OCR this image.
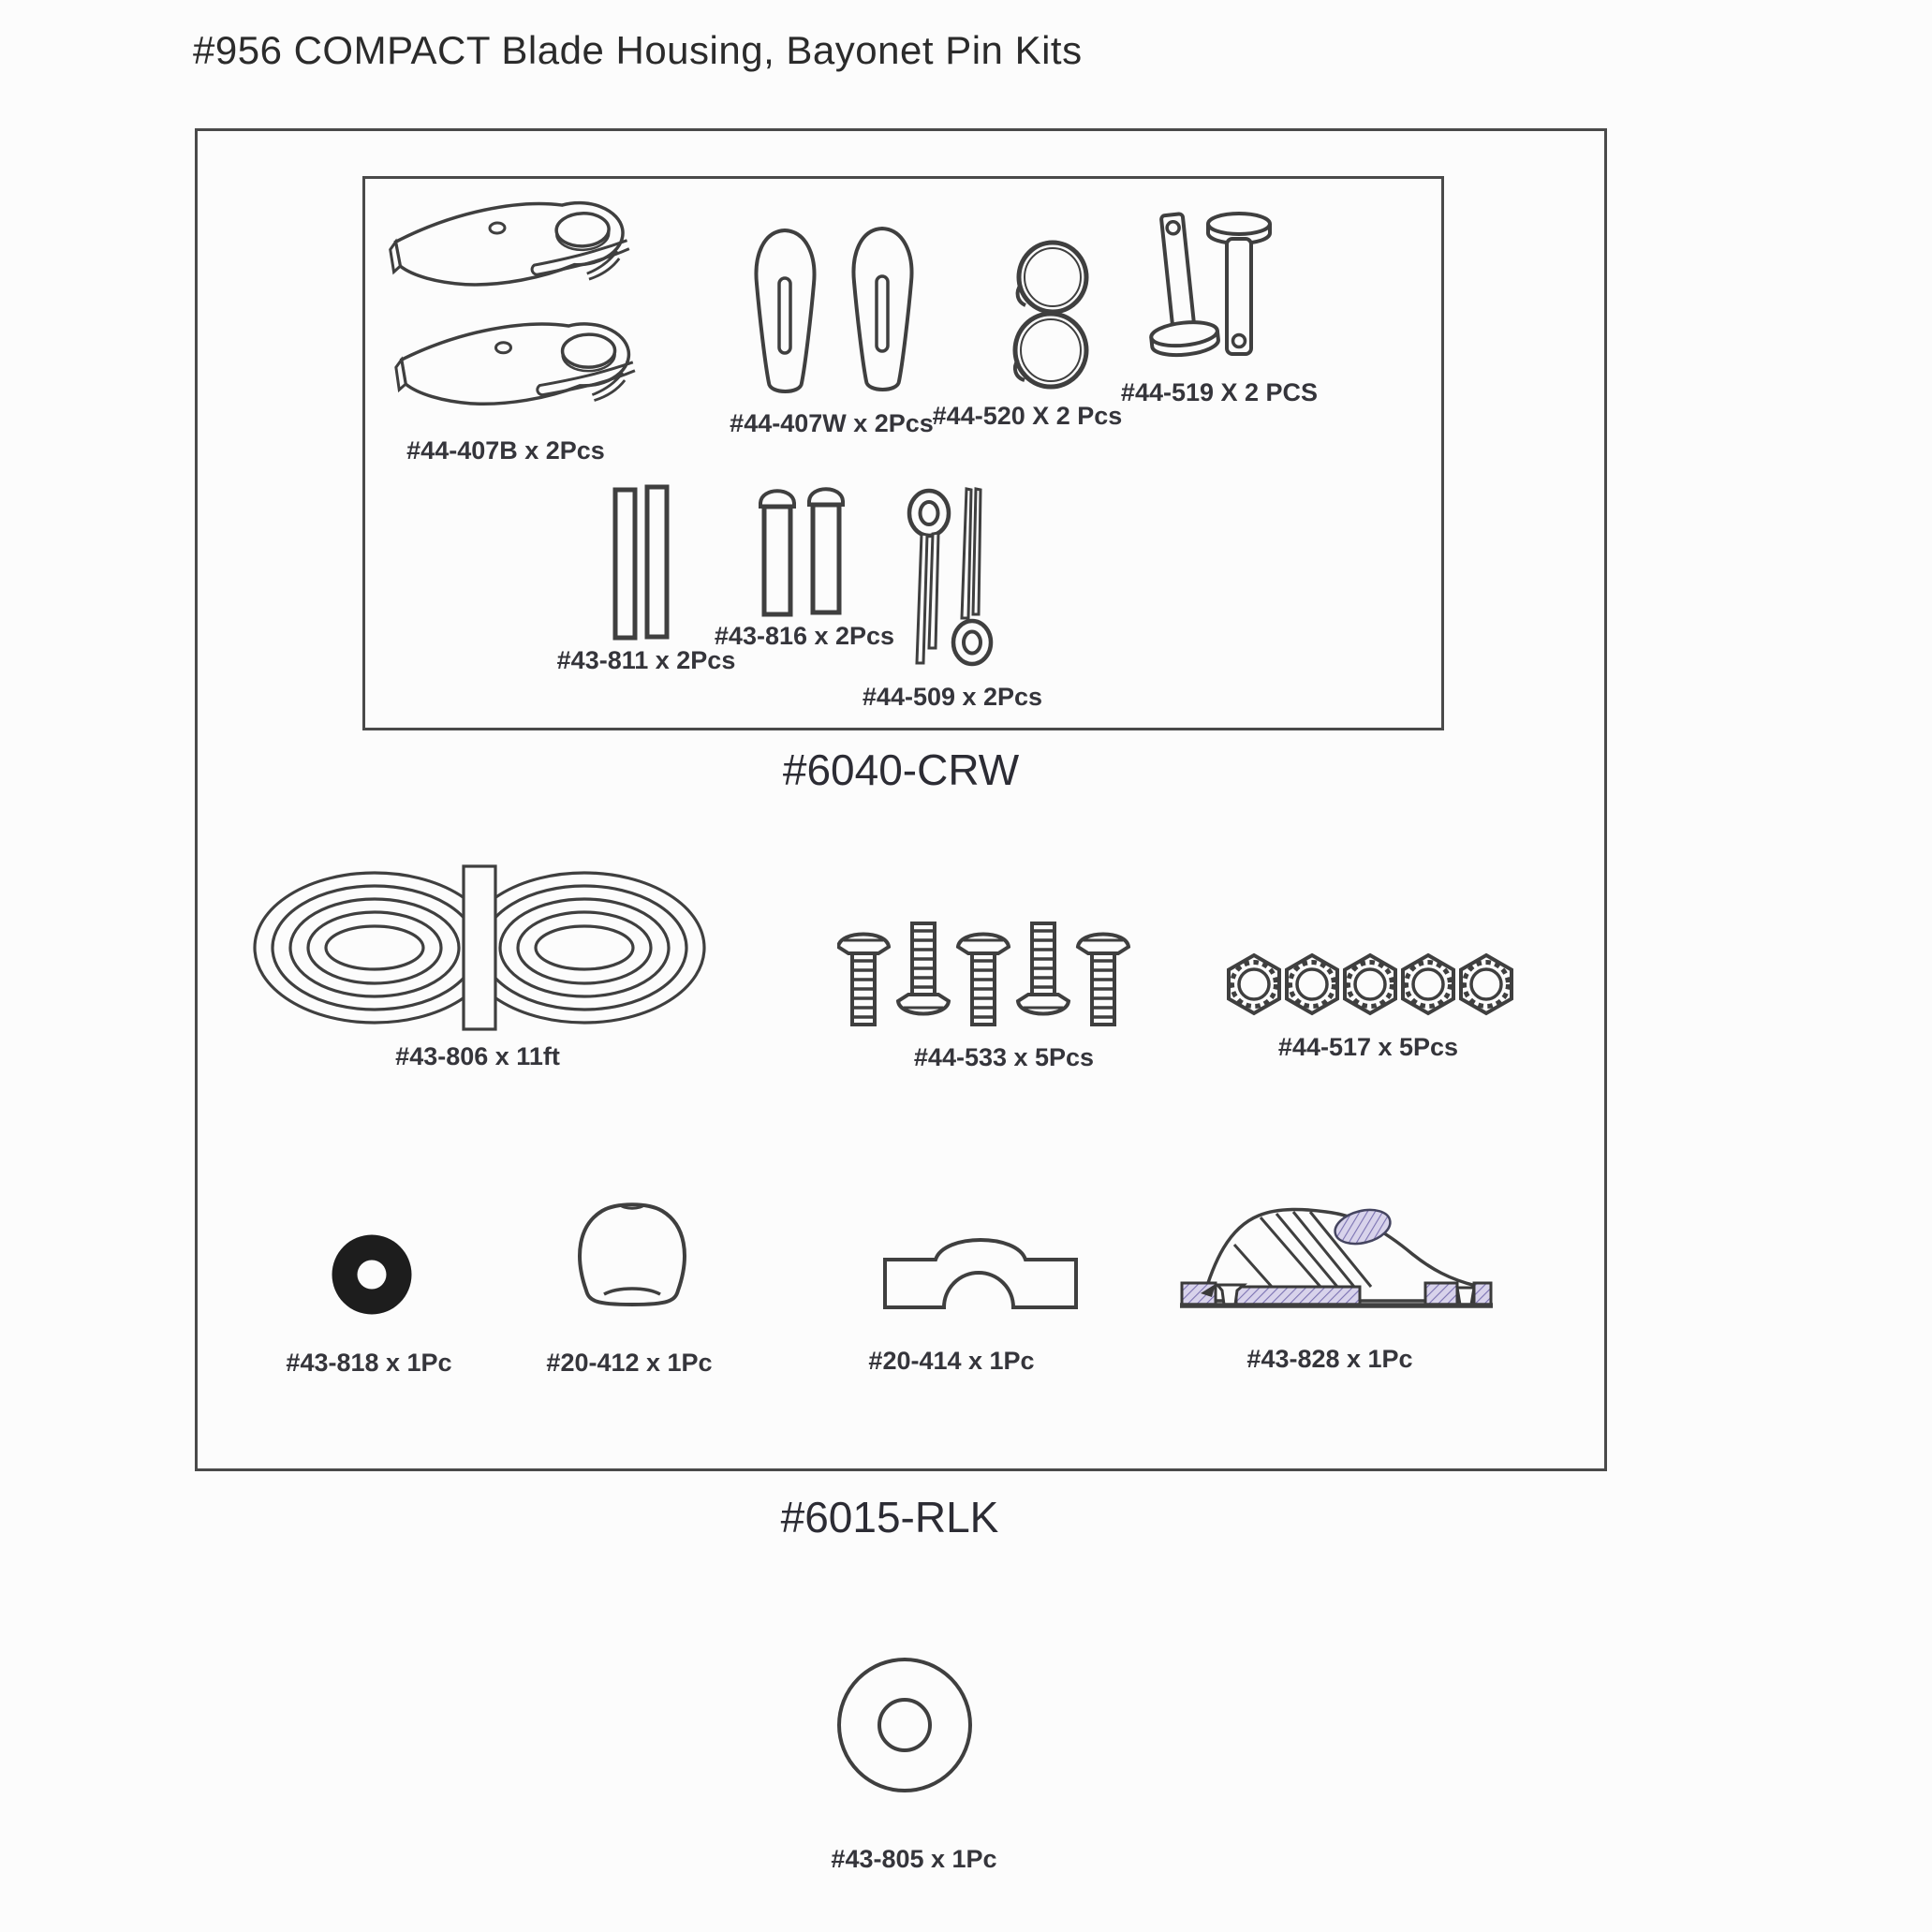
#956 COMPACT Blade Housing, Bayonet Pin Kits
#44-407B x 2Pcs
#44-407W x 2Pcs
#44-520 X 2 Pcs
#44-519 X 2 PCS
#43-811 x 2Pcs
#43-816 x 2Pcs
#44-509 x 2Pcs
#6040-CRW
#43-806 x 11ft	#44-533 x 5Pcs	#44-517 x 5Pcs
#43-818 x 1Pc	#20-412 x 1Pc	#20-414 x 1Pc	#43-828 x 1Pc
#6015-RLK
#43-805 x 1Pc
